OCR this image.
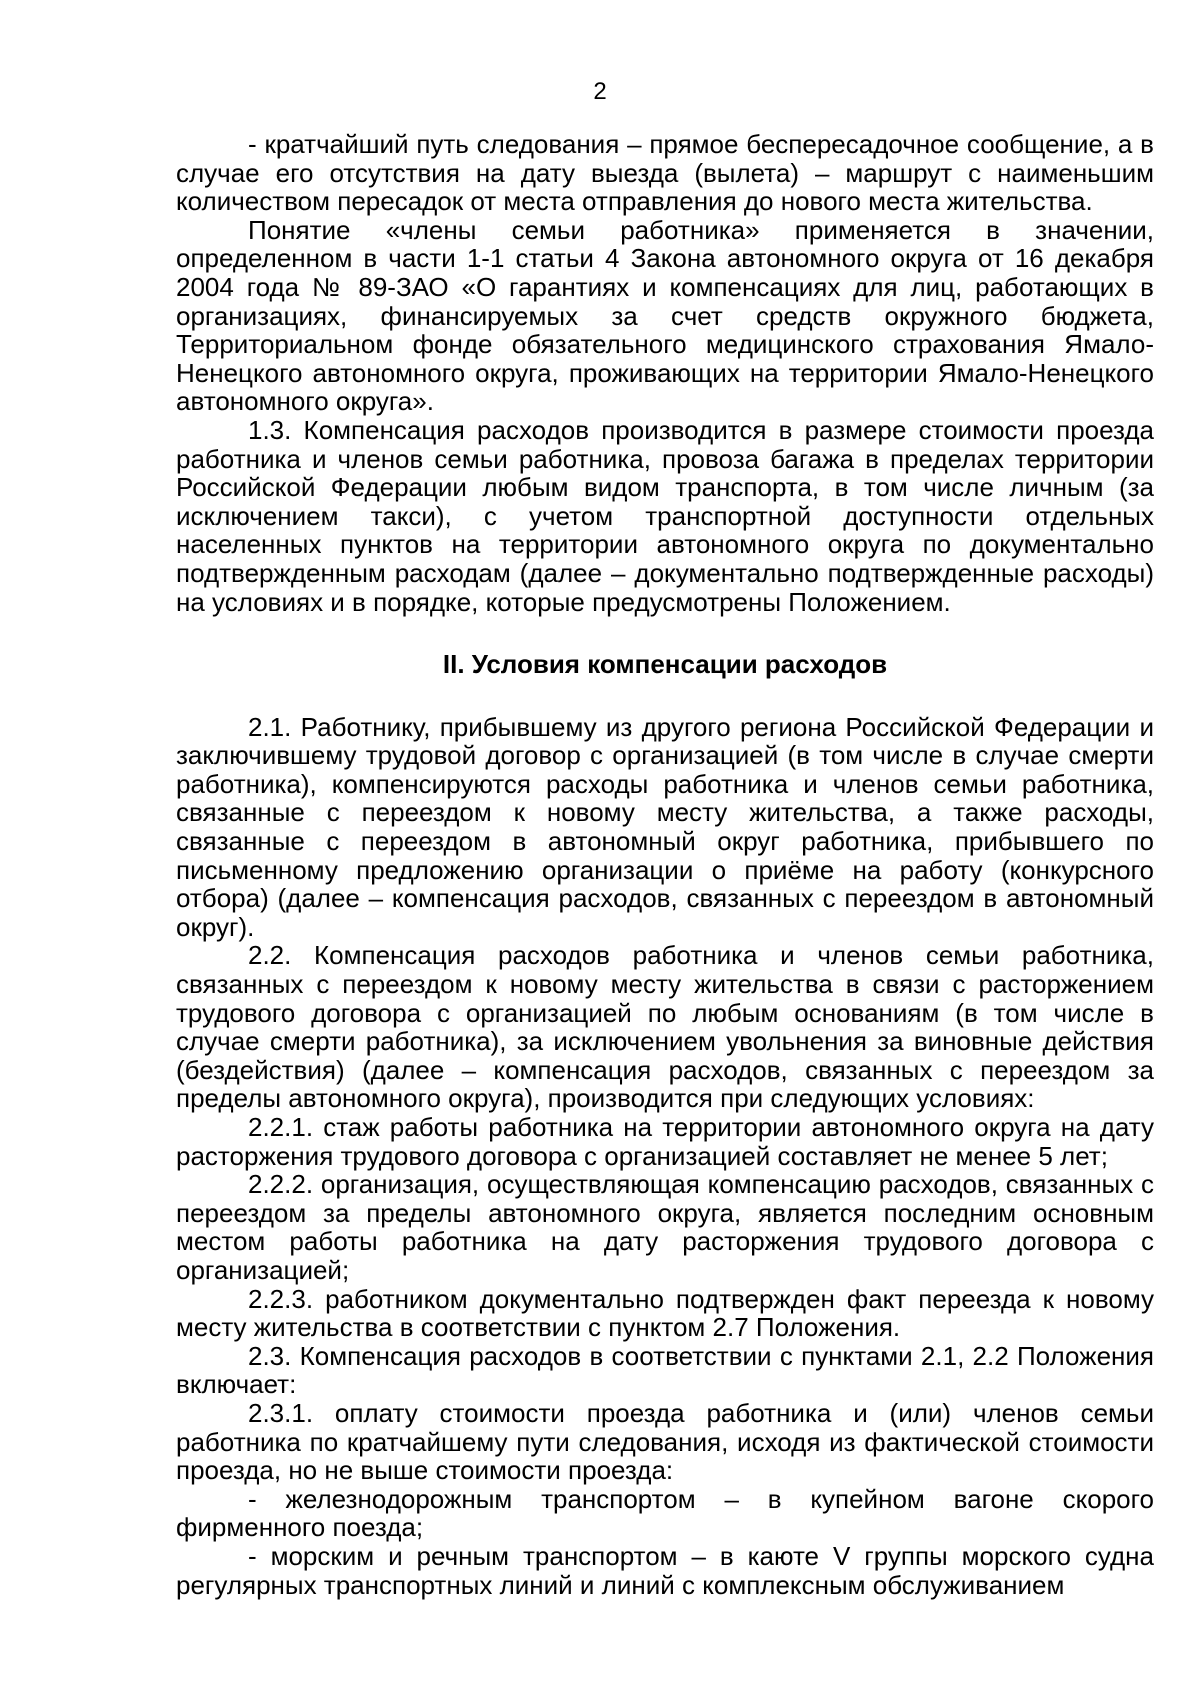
2

- кратчайший путь следования – прямое беспересадочное сообщение, а в случае его отсутствия на дату выезда (вылета) – маршрут с наименьшим количеством пересадок от места отправления до нового места жительства.

Понятие «члены семьи работника» применяется в значении, определенном в части 1-1 статьи 4 Закона автономного округа от 16 декабря 2004 года № 89-ЗАО «О гарантиях и компенсациях для лиц, работающих в организациях, финансируемых за счет средств окружного бюджета, Территориальном фонде обязательного медицинского страхования Ямало-Ненецкого автономного округа, проживающих на территории Ямало-Ненецкого автономного округа».

1.3. Компенсация расходов производится в размере стоимости проезда работника и членов семьи работника, провоза багажа в пределах территории Российской Федерации любым видом транспорта, в том числе личным (за исключением такси), с учетом транспортной доступности отдельных населенных пунктов на территории автономного округа по документально подтвержденным расходам (далее – документально подтвержденные расходы) на условиях и в порядке, которые предусмотрены Положением.

II. Условия компенсации расходов

2.1. Работнику, прибывшему из другого региона Российской Федерации и заключившему трудовой договор с организацией (в том числе в случае смерти работника), компенсируются расходы работника и членов семьи работника, связанные с переездом к новому месту жительства, а также расходы, связанные с переездом в автономный округ работника, прибывшего по письменному предложению организации о приёме на работу (конкурсного отбора) (далее – компенсация расходов, связанных с переездом в автономный округ).

2.2. Компенсация расходов работника и членов семьи работника, связанных с переездом к новому месту жительства в связи с расторжением трудового договора с организацией по любым основаниям (в том числе в случае смерти работника), за исключением увольнения за виновные действия (бездействия) (далее – компенсация расходов, связанных с переездом за пределы автономного округа), производится при следующих условиях:

2.2.1. стаж работы работника на территории автономного округа на дату расторжения трудового договора с организацией составляет не менее 5 лет;

2.2.2. организация, осуществляющая компенсацию расходов, связанных с переездом за пределы автономного округа, является последним основным местом работы работника на дату расторжения трудового договора с организацией;

2.2.3. работником документально подтвержден факт переезда к новому месту жительства в соответствии с пунктом 2.7 Положения.

2.3. Компенсация расходов в соответствии с пунктами 2.1, 2.2 Положения включает:

2.3.1. оплату стоимости проезда работника и (или) членов семьи работника по кратчайшему пути следования, исходя из фактической стоимости проезда, но не выше стоимости проезда:

- железнодорожным транспортом – в купейном вагоне скорого фирменного поезда;

- морским и речным транспортом – в каюте V группы морского судна регулярных транспортных линий и линий с комплексным обслуживанием
